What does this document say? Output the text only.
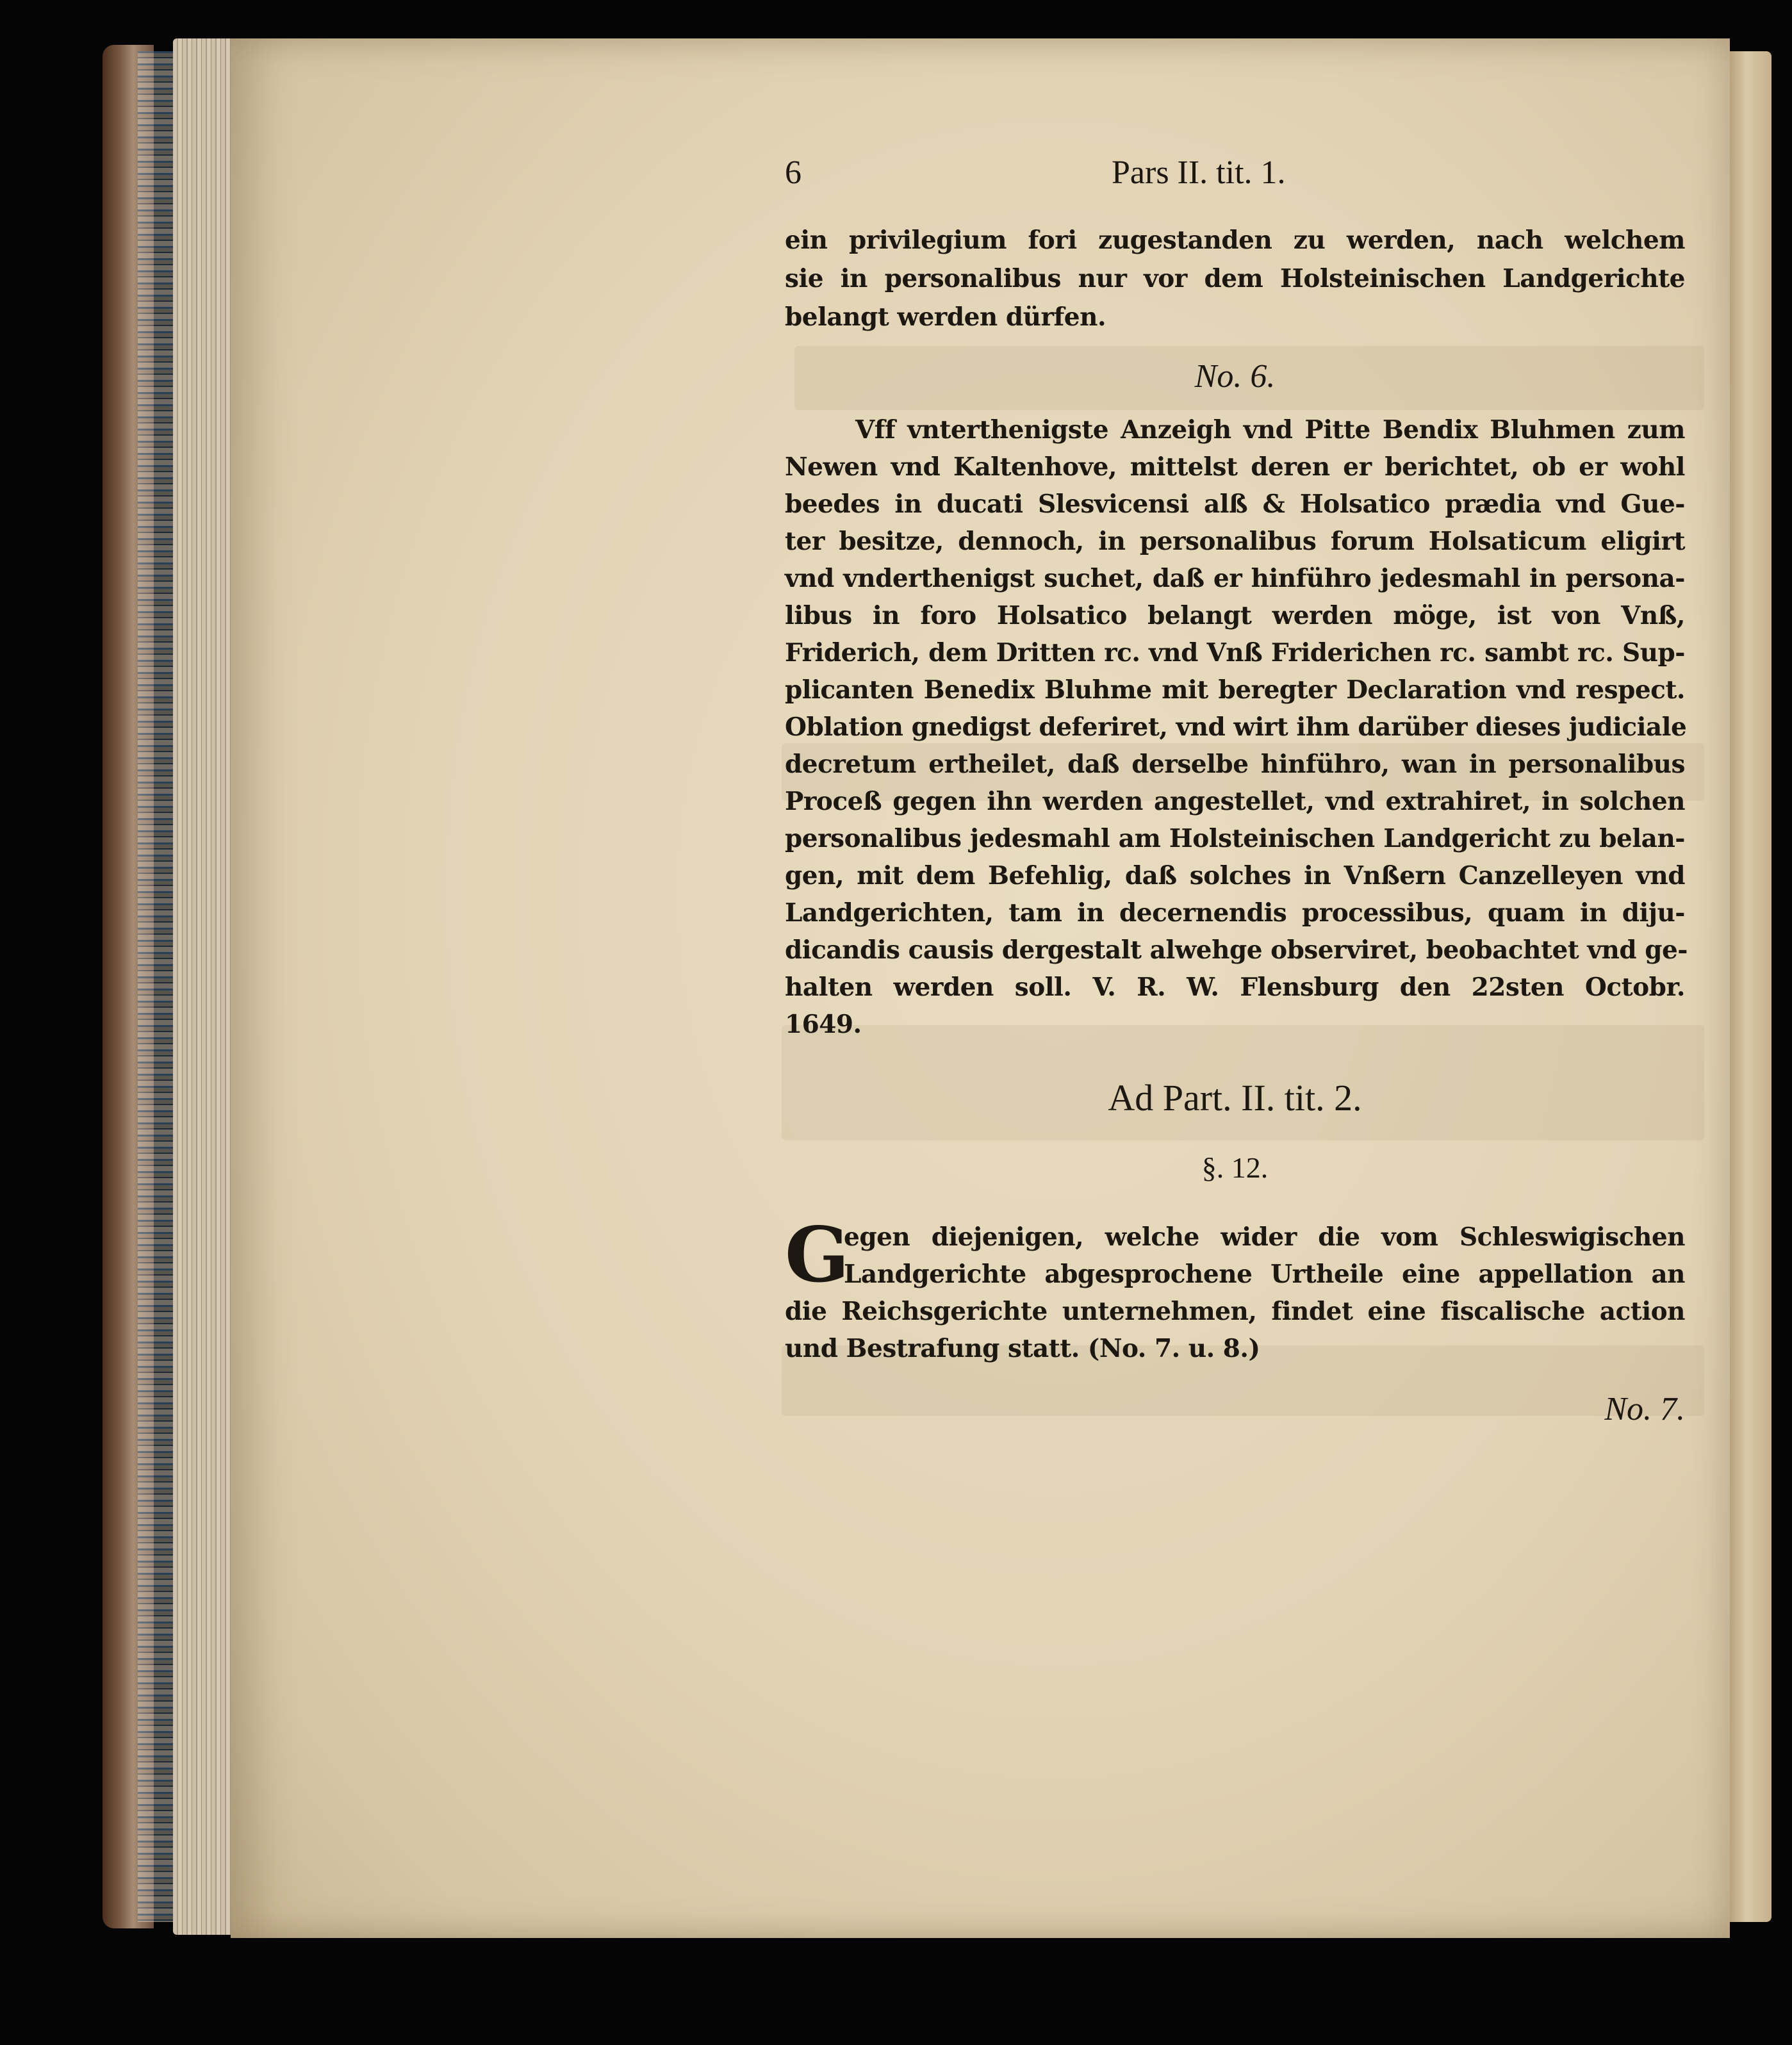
6	Pars II. tit. 1.
ein privilegium fori zugestanden zu werden, nach welchem
sie in personalibus nur vor dem Holsteinischen Landgerichte
belangt werden dürfen.
No. 6.
Vff vnterthenigste Anzeigh vnd Pitte Bendix Bluhmen zum
Newen vnd Kaltenhove, mittelst deren er berichtet, ob er wohl
beedes in ducati Slesvicensi alß & Holsatico prædia vnd Gue-
ter besitze, dennoch, in personalibus forum Holsaticum eligirt
vnd vnderthenigst suchet, daß er hinführo jedesmahl in persona-
libus in foro Holsatico belangt werden möge, ist von Vnß,
Friderich, dem Dritten rc. vnd Vnß Friderichen rc. sambt rc. Sup-
plicanten Benedix Bluhme mit beregter Declaration vnd respect.
Oblation gnedigst deferiret, vnd wirt ihm darüber dieses judiciale
decretum ertheilet, daß derselbe hinführo, wan in personalibus
Proceß gegen ihn werden angestellet, vnd extrahiret, in solchen
personalibus jedesmahl am Holsteinischen Landgericht zu belan-
gen, mit dem Befehlig, daß solches in Vnßern Canzelleyen vnd
Landgerichten, tam in decernendis processibus, quam in diju-
dicandis causis dergestalt alwehge observiret, beobachtet vnd ge-
halten werden soll. V. R. W. Flensburg den 22sten Octobr.
1649.
Ad Part. II. tit. 2.
§. 12.
G
egen diejenigen, welche wider die vom Schleswigischen
Landgerichte abgesprochene Urtheile eine appellation an
die Reichsgerichte unternehmen, findet eine fiscalische action
und Bestrafung statt. (No. 7. u. 8.)
No. 7.
